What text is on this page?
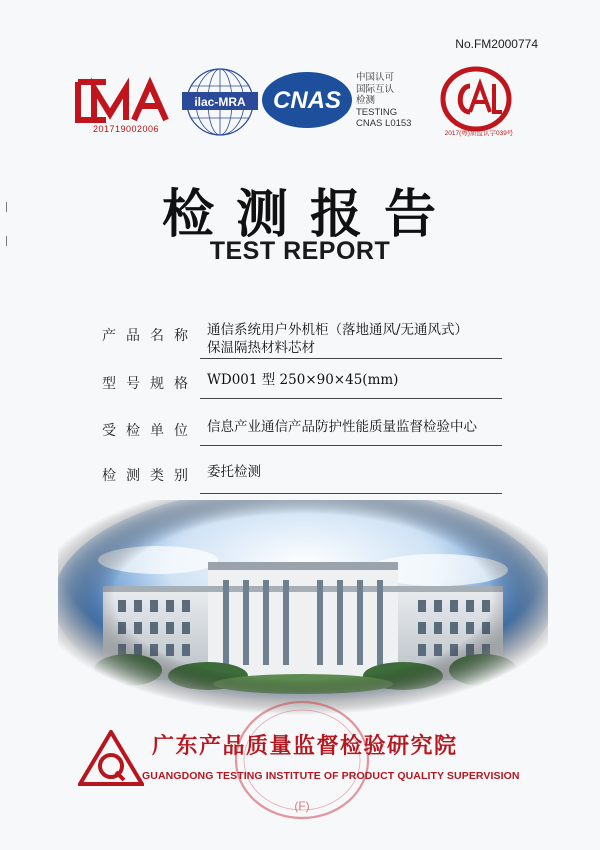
No.FM2000774
201719002006
ilac-MRA CNAS
中国认可
国际互认
检测
TESTING
CNAS L0153
2017(粤)质监认字039号
检测报告
TEST REPORT
产 品 名 称 通信系统用户外机柜（落地通风/无通风式）
保温隔热材料芯材
型 号 规 格 WD001 型 250×90×45(mm)
受 检 单 位 信息产业通信产品防护性能质量监督检验中心
检 测 类 别 委托检测
(F)
广东产品质量监督检验研究院
GUANGDONG TESTING INSTITUTE OF PRODUCT QUALITY SUPERVISION
